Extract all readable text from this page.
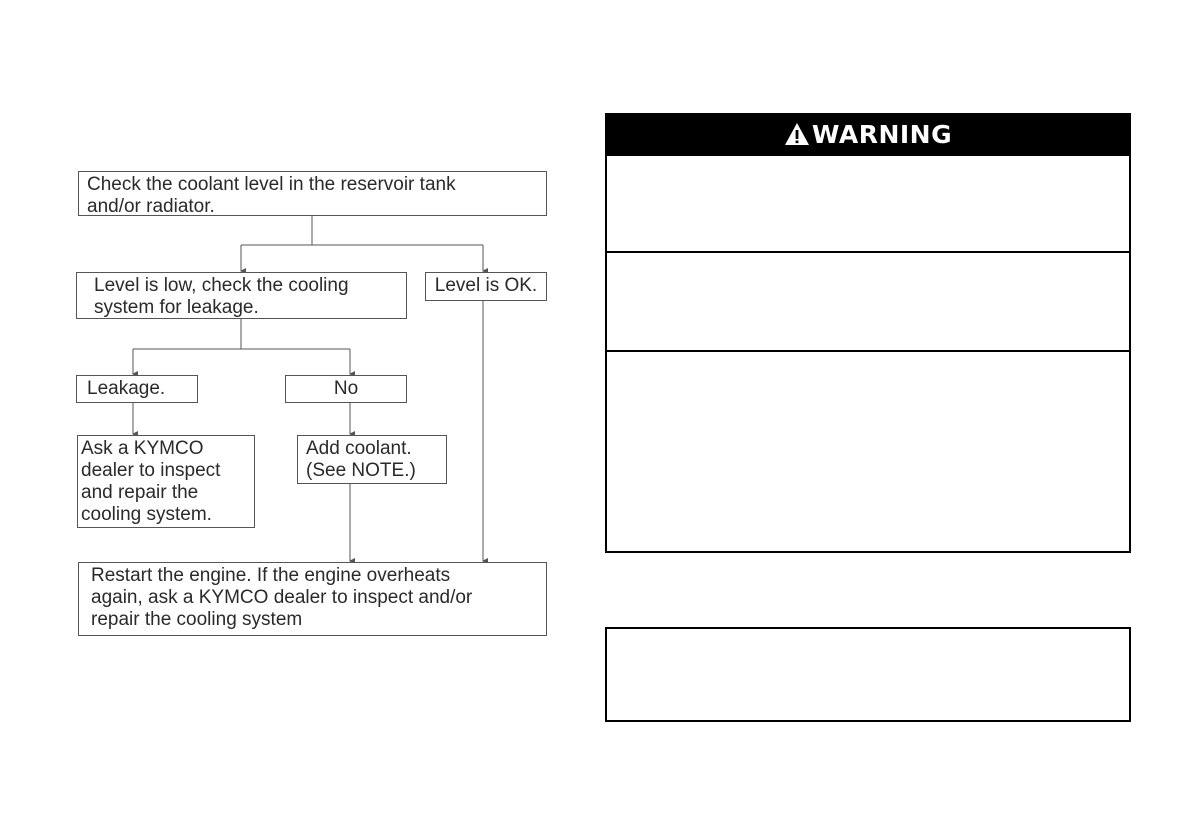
Check the coolant level in the reservoir tank
and/or radiator.
Level is low, check the cooling
system for leakage.
Level is OK.
Leakage.	No
Ask a KYMCO
dealer to inspect
and repair the
cooling system.
Add coolant.
(See NOTE.)
Restart the engine. If the engine overheats
again, ask a KYMCO dealer to inspect and/or
repair the cooling system
WARNING
